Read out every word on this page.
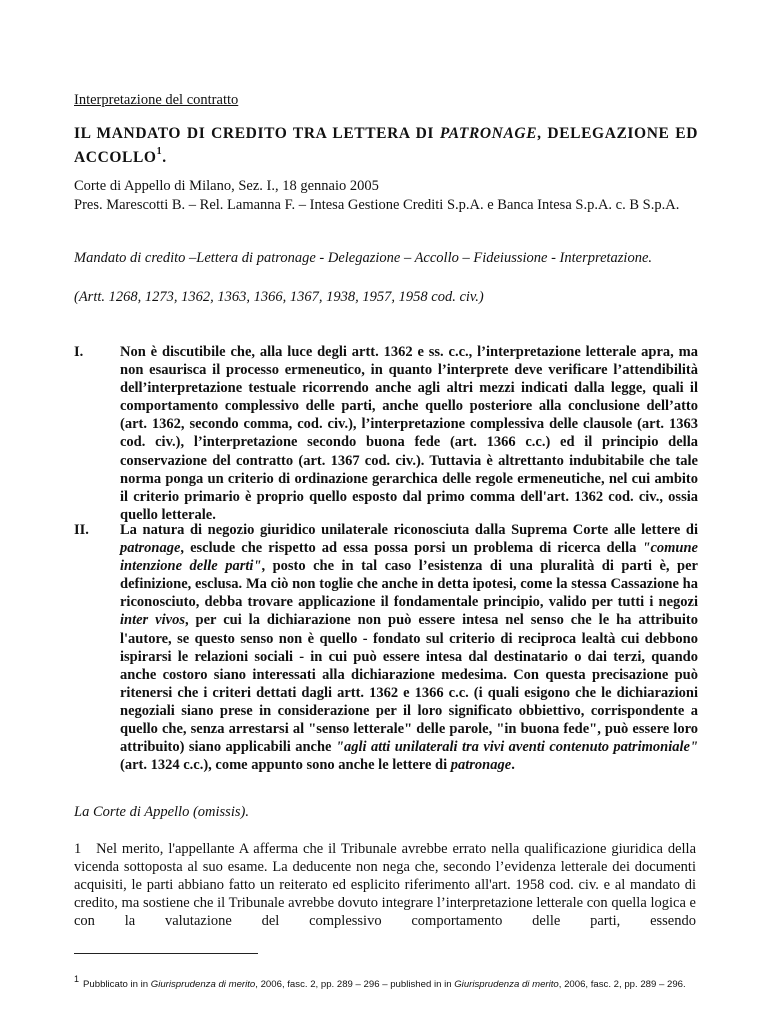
Interpretazione del contratto
IL MANDATO DI CREDITO TRA LETTERA DI PATRONAGE, DELEGAZIONE ED ACCOLLO$^1$.
Corte di Appello di Milano, Sez. I., 18 gennaio 2005
Pres. Marescotti B. – Rel. Lamanna F. – Intesa Gestione Crediti S.p.A. e Banca Intesa S.p.A. c. B S.p.A.
Mandato di credito –Lettera di patronage - Delegazione – Accollo – Fideiussione - Interpretazione.
(Artt. 1268, 1273, 1362, 1363, 1366, 1367, 1938, 1957, 1958 cod. civ.)
I.	Non è discutibile che, alla luce degli artt. 1362 e ss. c.c., l’interpretazione letterale apra, ma non esaurisca il processo ermeneutico, in quanto l’interprete deve verificare l’attendibilità dell’interpretazione testuale ricorrendo anche agli altri mezzi indicati dalla legge, quali il comportamento complessivo delle parti, anche quello posteriore alla conclusione dell’atto (art. 1362, secondo comma, cod. civ.), l’interpretazione complessiva delle clausole (art. 1363 cod. civ.), l’interpretazione secondo buona fede (art. 1366 c.c.) ed il principio della conservazione del contratto (art. 1367 cod. civ.). Tuttavia è altrettanto indubitabile che tale norma ponga un criterio di ordinazione gerarchica delle regole ermeneutiche, nel cui ambito il criterio primario è proprio quello esposto dal primo comma dell'art. 1362 cod. civ., ossia quello letterale.
II. La natura di negozio giuridico unilaterale riconosciuta dalla Suprema Corte alle lettere di patronage, esclude che rispetto ad essa possa porsi un problema di ricerca della "comune intenzione delle parti", posto che in tal caso l’esistenza di una pluralità di parti è, per definizione, esclusa. Ma ciò non toglie che anche in detta ipotesi, come la stessa Cassazione ha riconosciuto, debba trovare applicazione il fondamentale principio, valido per tutti i negozi inter vivos, per cui la dichiarazione non può essere intesa nel senso che le ha attribuito l'autore, se questo senso non è quello - fondato sul criterio di reciproca lealtà cui debbono ispirarsi le relazioni sociali - in cui può essere intesa dal destinatario o dai terzi, quando anche costoro siano interessati alla dichiarazione medesima. Con questa precisazione può ritenersi che i criteri dettati dagli artt. 1362 e 1366 c.c. (i quali esigono che le dichiarazioni negoziali siano prese in considerazione per il loro significato obbiettivo, corrispondente a quello che, senza arrestarsi al "senso letterale" delle parole, "in buona fede", può essere loro attribuito) siano applicabili anche "agli atti unilaterali tra vivi aventi contenuto patrimoniale" (art. 1324 c.c.), come appunto sono anche le lettere di patronage.
La Corte di Appello (omissis).
1 Nel merito, l'appellante A afferma che il Tribunale avrebbe errato nella qualificazione giuridica della vicenda sottoposta al suo esame. La deducente non nega che, secondo l’evidenza letterale dei documenti acquisiti, le parti abbiano fatto un reiterato ed esplicito riferimento all'art. 1958 cod. civ. e al mandato di credito, ma sostiene che il Tribunale avrebbe dovuto integrare l’interpretazione letterale con quella logica e con la valutazione del complessivo comportamento delle parti, essendo
$^1$Pubblicato in in Giurisprudenza di merito, 2006, fasc. 2, pp. 289 – 296 – published in in Giurisprudenza di merito, 2006, fasc. 2, pp. 289 – 296.
